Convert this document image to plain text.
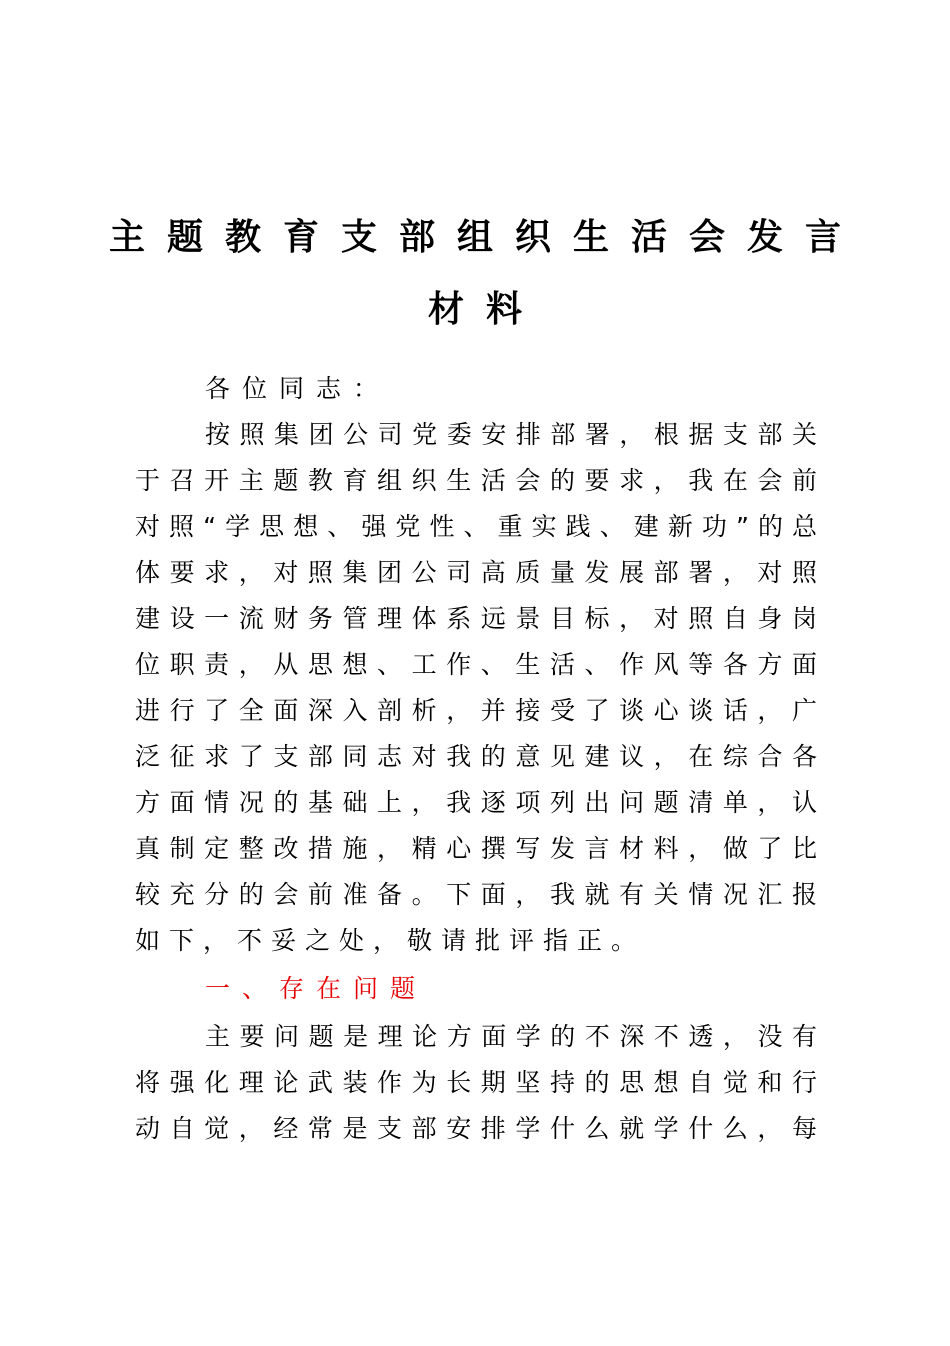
主题教育支部组织生活会发言
材料
各位同志：
按照集团公司党委安排部署，根据支部关
于召开主题教育组织生活会的要求，我在会前
对照“学思想、强党性、重实践、建新功”的总
体要求，对照集团公司高质量发展部署，对照
建设一流财务管理体系远景目标，对照自身岗
位职责，从思想、工作、生活、作风等各方面
进行了全面深入剖析，并接受了谈心谈话，广
泛征求了支部同志对我的意见建议，在综合各
方面情况的基础上，我逐项列出问题清单，认
真制定整改措施，精心撰写发言材料，做了比
较充分的会前准备。下面，我就有关情况汇报
如下，不妥之处，敬请批评指正。
一、存在问题
主要问题是理论方面学的不深不透，没有
将强化理论武装作为长期坚持的思想自觉和行
动自觉，经常是支部安排学什么就学什么，每
